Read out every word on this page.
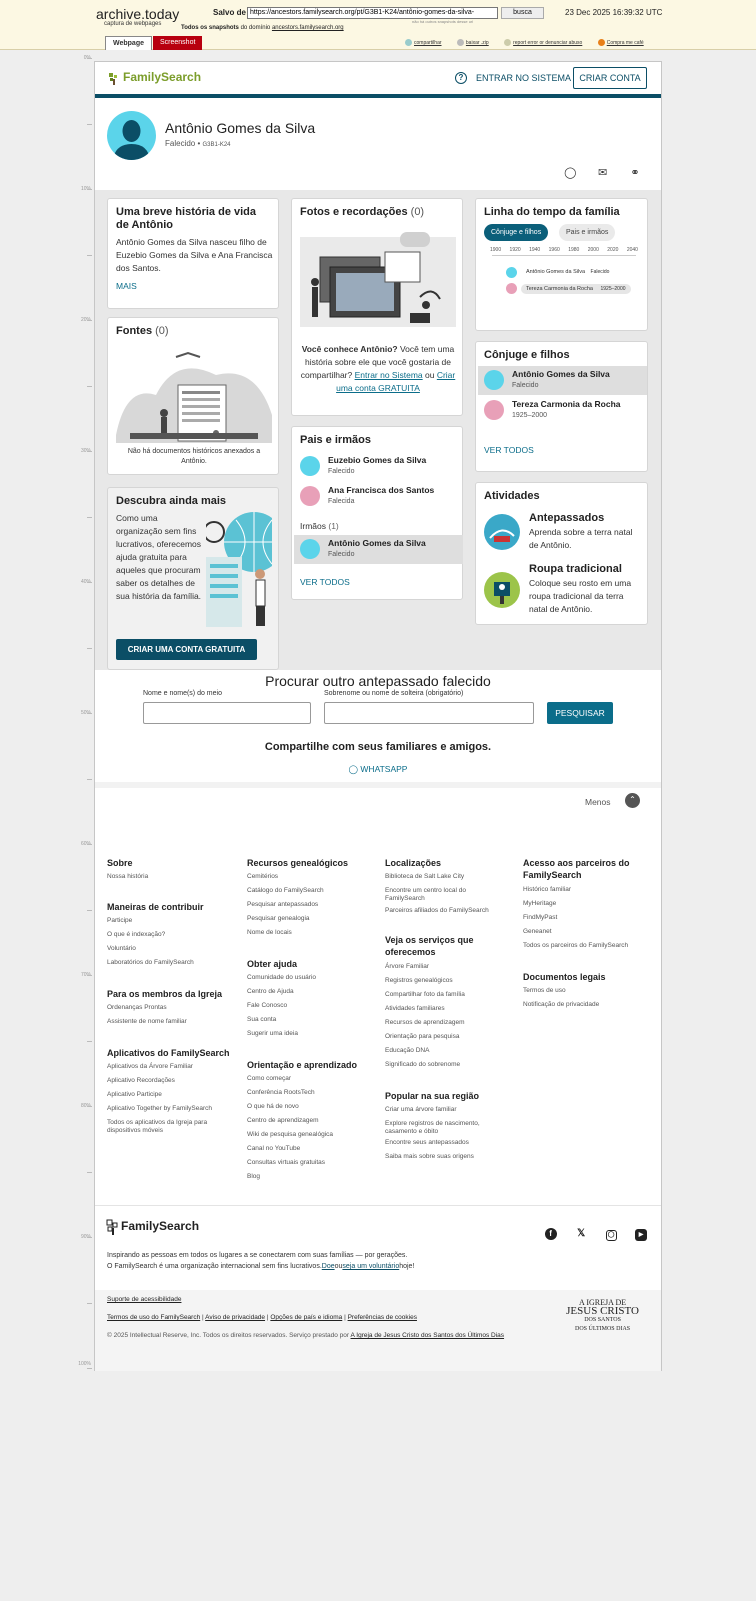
archive.today
captura de webpages
Salvo de https://ancestors.familysearch.org/pt/G3B1-K24/antônio-gomes-da-silva-	busca	23 Dec 2025 16:39:32 UTC
não há outros snapshots desse url
Todos os snapshots do domínio ancestors.familysearch.org
Webpage	Screenshot	compartilhar	baixar .zip	report error or denunciar abuso	Compra me café
0%
10%
20%
30%
40%
50%
60%
70%
80%
90%
100%
FamilySearch	?	ENTRAR NO SISTEMA CRIAR CONTA
Antônio Gomes da Silva
Falecido • G3B1-K24
◯ ✉ ⚭
Uma breve história de vida de Antônio
Antônio Gomes da Silva nasceu filho de Euzebio Gomes da Silva e Ana Francisca dos Santos.
MAIS
Fontes (0)
Não há documentos históricos anexados a Antônio.
Descubra ainda mais
Como uma organização sem fins lucrativos, oferecemos ajuda gratuita para aqueles que procuram saber os detalhes de sua história da família.
CRIAR UMA CONTA GRATUITA
Fotos e recordações (0)
Você conhece Antônio? Você tem uma história sobre ele que você gostaria de compartilhar? Entrar no Sistema ou Criar uma conta GRATUITA
Pais e irmãos
Euzebio Gomes da Silva
Falecido
Ana Francisca dos Santos
Falecida
Irmãos (1)
Antônio Gomes da Silva
Falecido
VER TODOS
Linha do tempo da família
Cônjuge e filhos	Pais e irmãos
1900 1920 1940 1960 1980 2000 2020 2040
Antônio Gomes da Silva Falecido
Tereza Carmonia da Rocha 1925–2000
Cônjuge e filhos
Antônio Gomes da Silva
Falecido
Tereza Carmonia da Rocha
1925–2000
VER TODOS
Atividades
Antepassados
Aprenda sobre a terra natal de Antônio.
Roupa tradicional
Coloque seu rosto em uma roupa tradicional da terra natal de Antônio.
Procurar outro antepassado falecido
Nome e nome(s) do meio	Sobrenome ou nome de solteira (obrigatório)
PESQUISAR
Compartilhe com seus familiares e amigos.
◯ WHATSAPP
Menos	⌃
Sobre
Nossa história
Maneiras de contribuir
Participe
O que é indexação?
Voluntário
Laboratórios do FamilySearch
Para os membros da Igreja
Ordenanças Prontas
Assistente de nome familiar
Aplicativos do FamilySearch
Aplicativos da Árvore Familiar
Aplicativo Recordações
Aplicativo Participe
Aplicativo Together by FamilySearch
Todos os aplicativos da Igreja para dispositivos móveis
Recursos genealógicos
Cemitérios
Catálogo do FamilySearch
Pesquisar antepassados
Pesquisar genealogia
Nome de locais
Obter ajuda
Comunidade do usuário
Centro de Ajuda
Fale Conosco
Sua conta
Sugerir uma ideia
Orientação e aprendizado
Como começar
Conferência RootsTech
O que há de novo
Centro de aprendizagem
Wiki de pesquisa genealógica
Canal no YouTube
Consultas virtuais gratuitas
Blog
Localizações
Biblioteca de Salt Lake City
Encontre um centro local do FamilySearch
Parceiros afiliados do FamilySearch
Veja os serviços que oferecemos
Árvore Familiar
Registros genealógicos
Compartilhar foto da família
Atividades familiares
Recursos de aprendizagem
Orientação para pesquisa
Educação DNA
Significado do sobrenome
Popular na sua região
Criar uma árvore familiar
Explore registros de nascimento, casamento e óbito
Encontre seus antepassados
Saiba mais sobre suas origens
Acesso aos parceiros do FamilySearch
Histórico familiar
MyHeritage
FindMyPast
Geneanet
Todos os parceiros do FamilySearch
Documentos legais
Termos de uso
Notificação de privacidade
FamilySearch
f	𝕏	◯	▶
Inspirando as pessoas em todos os lugares a se conectarem com suas famílias — por gerações.
O FamilySearch é uma organização internacional sem fins lucrativos.Doeouseja um voluntáriohoje!
Suporte de acessibilidade
Termos de uso do FamilySearch | Aviso de privacidade | Opções de país e idioma | Preferências de cookies
© 2025 Intellectual Reserve, Inc. Todos os direitos reservados. Serviço prestado por A Igreja de Jesus Cristo dos Santos dos Últimos Dias
A IGREJA DE
JESUS CRISTO
DOS SANTOS
DOS ÚLTIMOS DIAS
